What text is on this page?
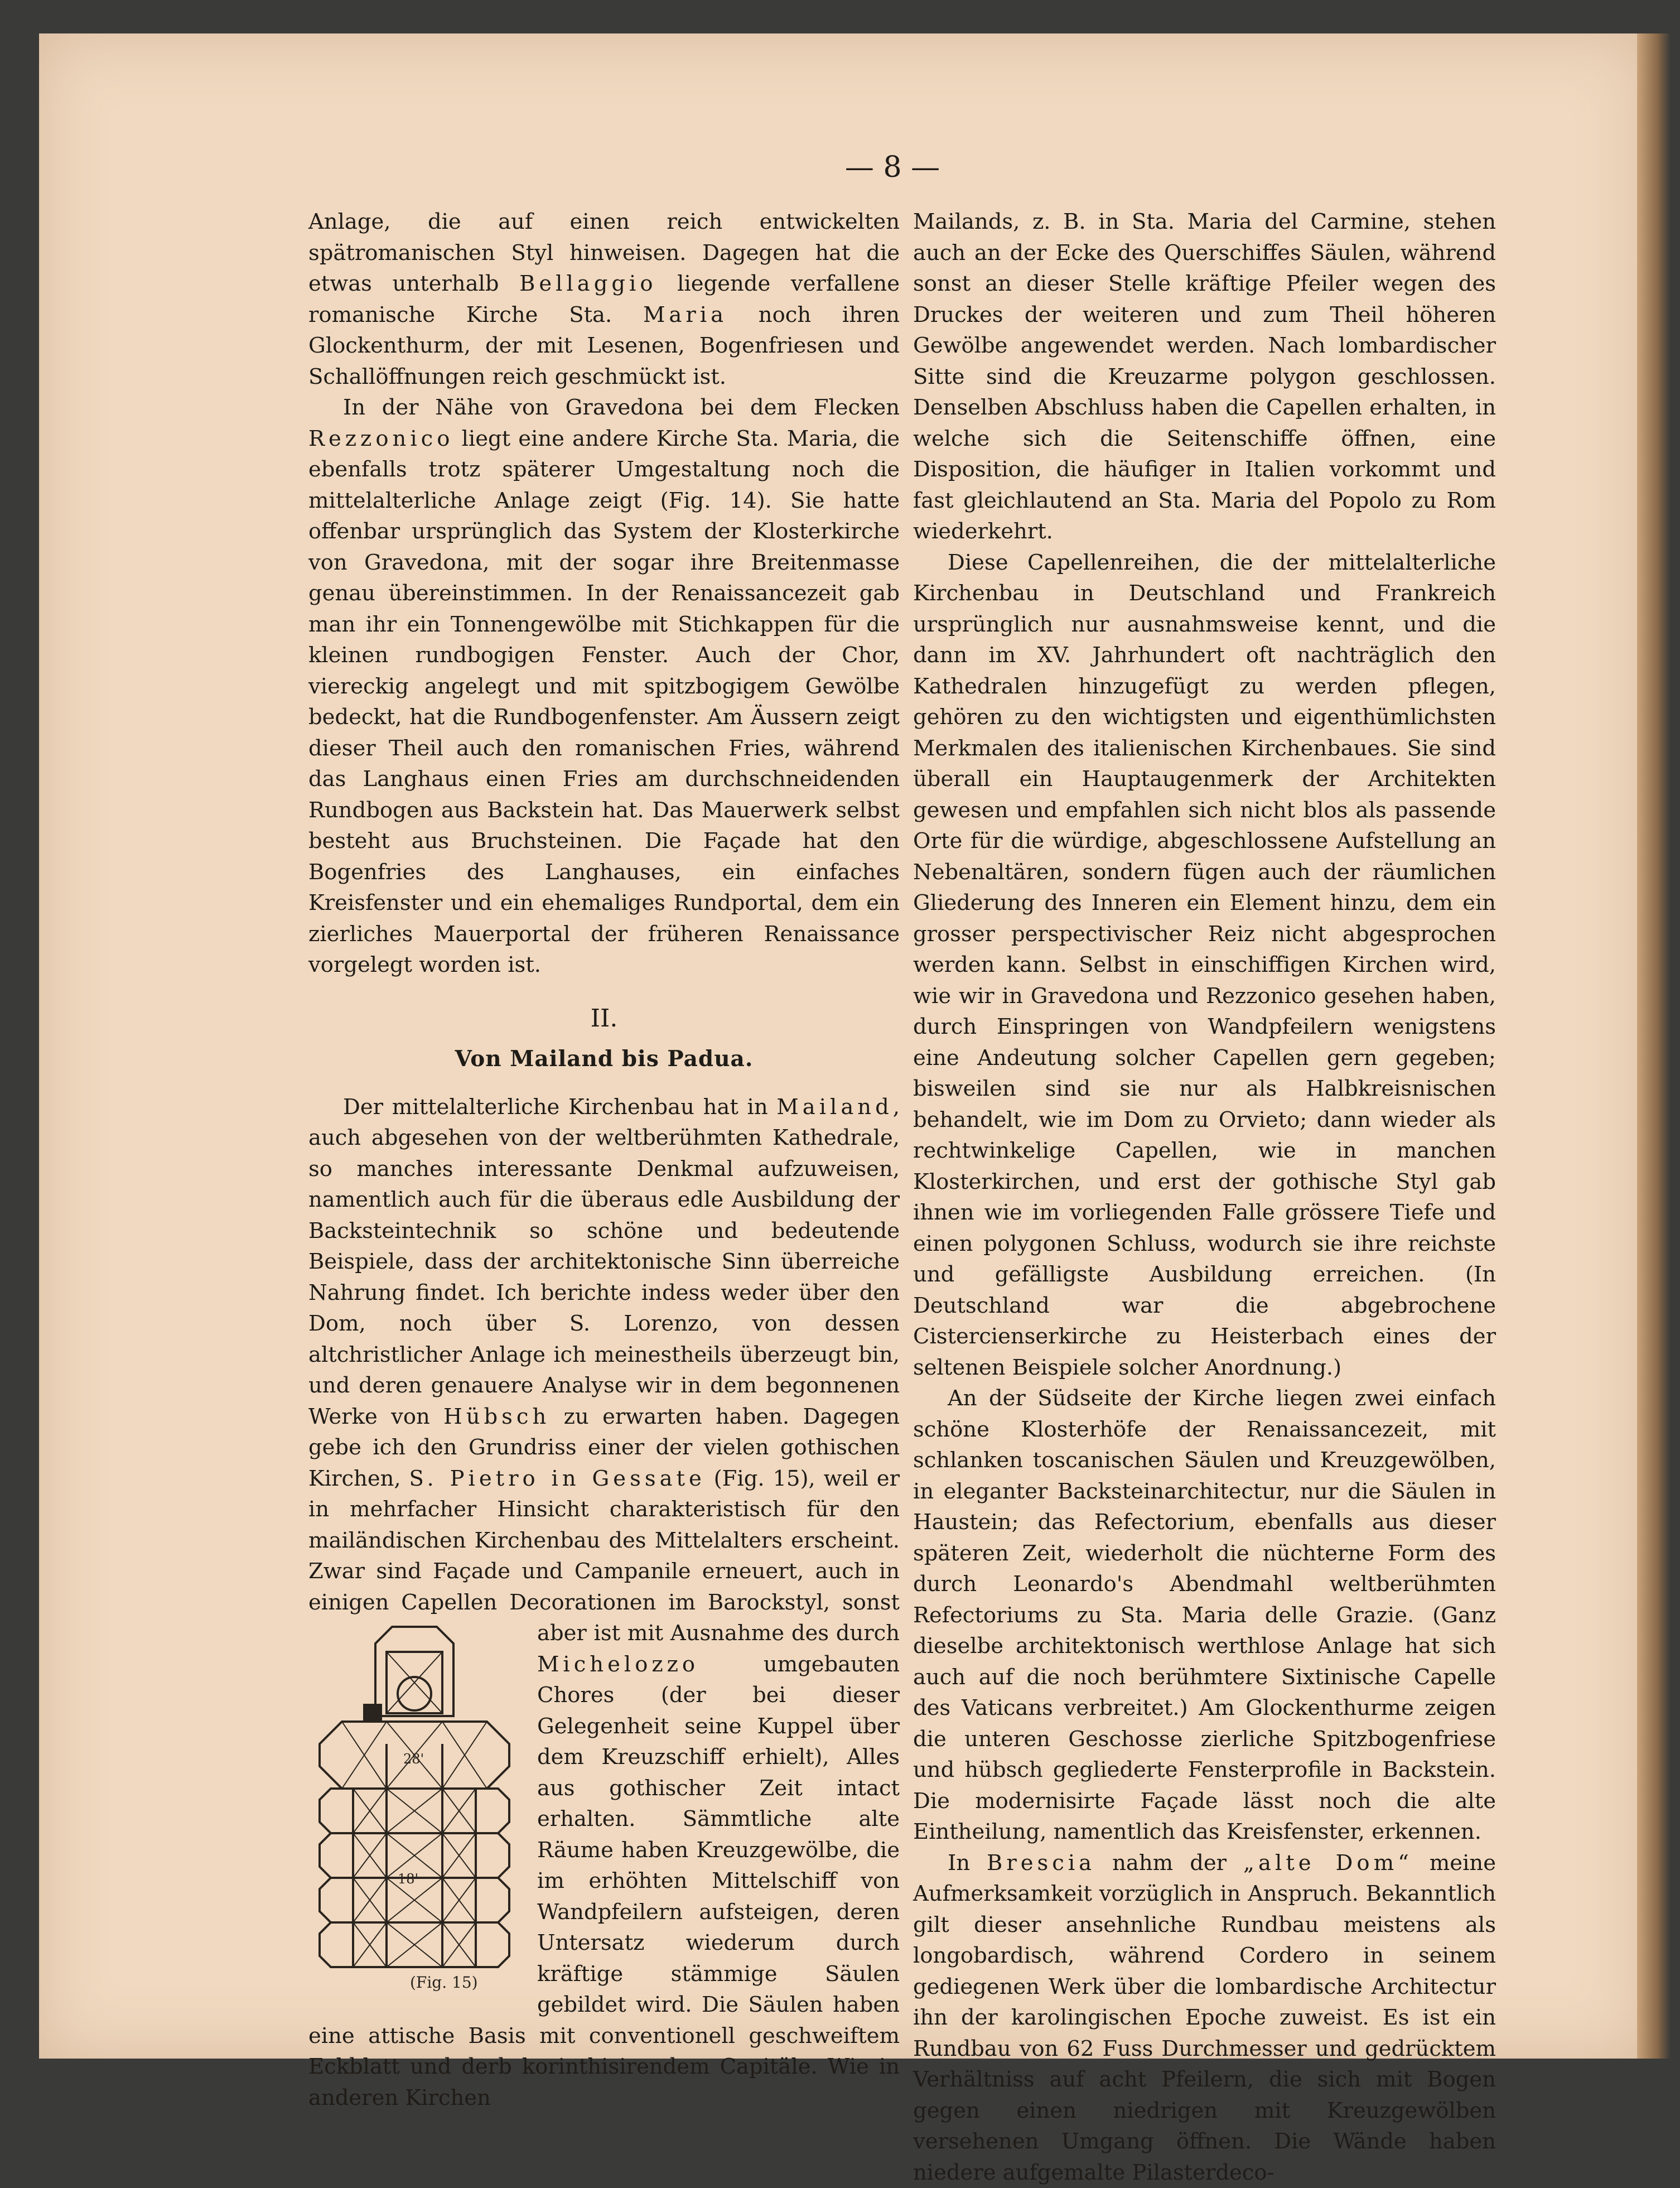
— 8 —

Anlage, die auf einen reich entwickelten spätromanischen Styl hinweisen. Dagegen hat die etwas unterhalb Bellaggio liegende verfallene romanische Kirche Sta. Maria noch ihren Glockenthurm, der mit Lesenen, Bogenfriesen und Schallöffnungen reich geschmückt ist.

In der Nähe von Gravedona bei dem Flecken Rezzonico liegt eine andere Kirche Sta. Maria, die ebenfalls trotz späterer Umgestaltung noch die mittelalterliche Anlage zeigt (Fig. 14). Sie hatte offenbar ursprünglich das System der Klosterkirche von Gravedona, mit der sogar ihre Breitenmasse genau übereinstimmen. In der Renaissancezeit gab man ihr ein Tonnengewölbe mit Stichkappen für die kleinen rundbogigen Fenster. Auch der Chor, viereckig angelegt und mit spitzbogigem Gewölbe bedeckt, hat die Rundbogenfenster. Am Äussern zeigt dieser Theil auch den romanischen Fries, während das Langhaus einen Fries am durchschneidenden Rundbogen aus Backstein hat. Das Mauerwerk selbst besteht aus Bruchsteinen. Die Façade hat den Bogenfries des Langhauses, ein einfaches Kreisfenster und ein ehemaliges Rundportal, dem ein zierliches Mauerportal der früheren Renaissance vorgelegt worden ist.

II.
Von Mailand bis Padua.

Der mittelalterliche Kirchenbau hat in Mailand, auch abgesehen von der weltberühmten Kathedrale, so manches interessante Denkmal aufzuweisen, namentlich auch für die überaus edle Ausbildung der Backsteintechnik so schöne und bedeutende Beispiele, dass der architektonische Sinn überreiche Nahrung findet. Ich berichte indess weder über den Dom, noch über S. Lorenzo, von dessen altchristlicher Anlage ich meinestheils überzeugt bin, und deren genauere Analyse wir in dem begonnenen Werke von Hübsch zu erwarten haben. Dagegen gebe ich den Grundriss einer der vielen gothischen Kirchen, S. Pietro in Gessate (Fig. 15), weil er in mehrfacher Hinsicht charakteristisch für den mailändischen Kirchenbau des Mittelalters erscheint. Zwar sind Façade und Campanile erneuert, auch in einigen Capellen Decorationen im Barockstyl, sonst aber ist mit Ausnahme des durch
28'
18'
(Fig. 15)
Michelozzo umgebauten Chores (der bei dieser Gelegenheit seine Kuppel über dem Kreuzschiff erhielt), Alles aus gothischer Zeit intact erhalten. Sämmtliche alte Räume haben Kreuzgewölbe, die im erhöhten Mittelschiff von Wandpfeilern aufsteigen, deren Untersatz wiederum durch kräftige stämmige Säulen gebildet wird. Die Säulen haben eine attische Basis mit conventionell geschweiftem Eckblatt und derb korinthisirendem Capitäle. Wie in anderen Kirchen

Mailands, z. B. in Sta. Maria del Carmine, stehen auch an der Ecke des Querschiffes Säulen, während sonst an dieser Stelle kräftige Pfeiler wegen des Druckes der weiteren und zum Theil höheren Gewölbe angewendet werden. Nach lombardischer Sitte sind die Kreuzarme polygon geschlossen. Denselben Abschluss haben die Capellen erhalten, in welche sich die Seitenschiffe öffnen, eine Disposition, die häufiger in Italien vorkommt und fast gleichlautend an Sta. Maria del Popolo zu Rom wiederkehrt.

Diese Capellenreihen, die der mittelalterliche Kirchenbau in Deutschland und Frankreich ursprünglich nur ausnahmsweise kennt, und die dann im XV. Jahrhundert oft nachträglich den Kathedralen hinzugefügt zu werden pflegen, gehören zu den wichtigsten und eigenthümlichsten Merkmalen des italienischen Kirchenbaues. Sie sind überall ein Hauptaugenmerk der Architekten gewesen und empfahlen sich nicht blos als passende Orte für die würdige, abgeschlossene Aufstellung an Nebenaltären, sondern fügen auch der räumlichen Gliederung des Inneren ein Element hinzu, dem ein grosser perspectivischer Reiz nicht abgesprochen werden kann. Selbst in einschiffigen Kirchen wird, wie wir in Gravedona und Rezzonico gesehen haben, durch Einspringen von Wandpfeilern wenigstens eine Andeutung solcher Capellen gern gegeben; bisweilen sind sie nur als Halbkreisnischen behandelt, wie im Dom zu Orvieto; dann wieder als rechtwinkelige Capellen, wie in manchen Klosterkirchen, und erst der gothische Styl gab ihnen wie im vorliegenden Falle grössere Tiefe und einen polygonen Schluss, wodurch sie ihre reichste und gefälligste Ausbildung erreichen. (In Deutschland war die abgebrochene Cistercienserkirche zu Heisterbach eines der seltenen Beispiele solcher Anordnung.)

An der Südseite der Kirche liegen zwei einfach schöne Klosterhöfe der Renaissancezeit, mit schlanken toscanischen Säulen und Kreuzgewölben, in eleganter Backsteinarchitectur, nur die Säulen in Haustein; das Refectorium, ebenfalls aus dieser späteren Zeit, wiederholt die nüchterne Form des durch Leonardo's Abendmahl weltberühmten Refectoriums zu Sta. Maria delle Grazie. (Ganz dieselbe architektonisch werthlose Anlage hat sich auch auf die noch berühmtere Sixtinische Capelle des Vaticans verbreitet.) Am Glockenthurme zeigen die unteren Geschosse zierliche Spitzbogenfriese und hübsch gegliederte Fensterprofile in Backstein. Die modernisirte Façade lässt noch die alte Eintheilung, namentlich das Kreisfenster, erkennen.

In Brescia nahm der „alte Dom“ meine Aufmerksamkeit vorzüglich in Anspruch. Bekanntlich gilt dieser ansehnliche Rundbau meistens als longobardisch, während Cordero in seinem gediegenen Werk über die lombardische Architectur ihn der karolingischen Epoche zuweist. Es ist ein Rundbau von 62 Fuss Durchmesser und gedrücktem Verhältniss auf acht Pfeilern, die sich mit Bogen gegen einen niedrigen mit Kreuzgewölben versehenen Umgang öffnen. Die Wände haben niedere aufgemalte Pilasterdeco-
